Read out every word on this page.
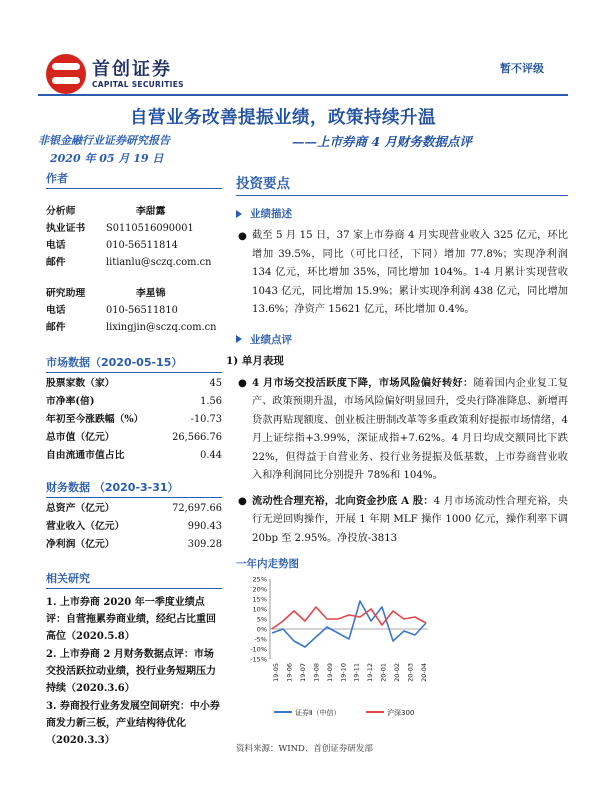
首创证券
CAPITAL SECURITIES
暂不评级
自营业务改善提振业绩，政策持续升温
非银金融行业证券研究报告	——上市券商 4 月财务数据点评
2020 年 05 月 19 日
作者
分析师	李甜露
执业证书	S0110516090001
电话	010-56511814
邮件	litianlu@sczq.com.cn
研究助理	李星锦
电话	010-56511810
邮件	lixingjin@sczq.com.cn
市场数据（2020-05-15）
股票家数（家）	45
市净率(倍)	1.56
年初至今涨跌幅（%）	-10.73
总市值（亿元）	26,566.76
自由流通市值占比	0.44
财务数据 （2020-3-31）
总资产（亿元）	72,697.66
营业收入（亿元）	990.43
净利润（亿元）	309.28
相关研究
1. 上市券商 2020 年一季度业绩点评：自营拖累券商业绩，经纪占比重回高位（2020.5.8）
2. 上市券商 2 月财务数据点评：市场交投活跃拉动业绩，投行业务短期压力持续（2020.3.6）
3. 券商投行业务发展空间研究：中小券商发力新三板，产业结构待优化（2020.3.3）
投资要点
业绩描述
● 截至 5 月 15 日，37 家上市券商 4 月实现营业收入 325 亿元，环比增加 39.5%，同比（可比口径，下同）增加 77.8%；实现净利润 134 亿元，环比增加 35%，同比增加 104%。1-4 月累计实现营收 1043 亿元，同比增加 15.9%；累计实现净利润 438 亿元，同比增加 13.6%；净资产 15621 亿元，环比增加 0.4%。
业绩点评
1) 单月表现
● 4 月市场交投活跃度下降，市场风险偏好转好：随着国内企业复工复产、政策预期升温，市场风险偏好明显回升，受央行降准降息、新增再贷款再贴现额度、创业板注册制改革等多重政策利好提振市场情绪，4 月上证综指+3.99%，深证成指+7.62%。4 月日均成交额同比下跌 22%，但得益于自营业务、投行业务提振及低基数，上市券商营业收入和净利润同比分别提升 78%和 104%。
● 流动性合理充裕，北向资金抄底 A 股：4 月市场流动性合理充裕，央行无逆回购操作，开展 1 年期 MLF 操作 1000 亿元，操作利率下调 20bp 至 2.95%。净投放-3813
一年内走势图
25%
20%
15%
10%
5%
0%
-5%
-10%
-15%
19-05 19-06 19-07 19-08 19-09 19-10 19-11 19-12 20-01 20-02 20-03 20-04
证券Ⅱ（中信）	沪深300
资料来源：WIND、首创证券研发部
